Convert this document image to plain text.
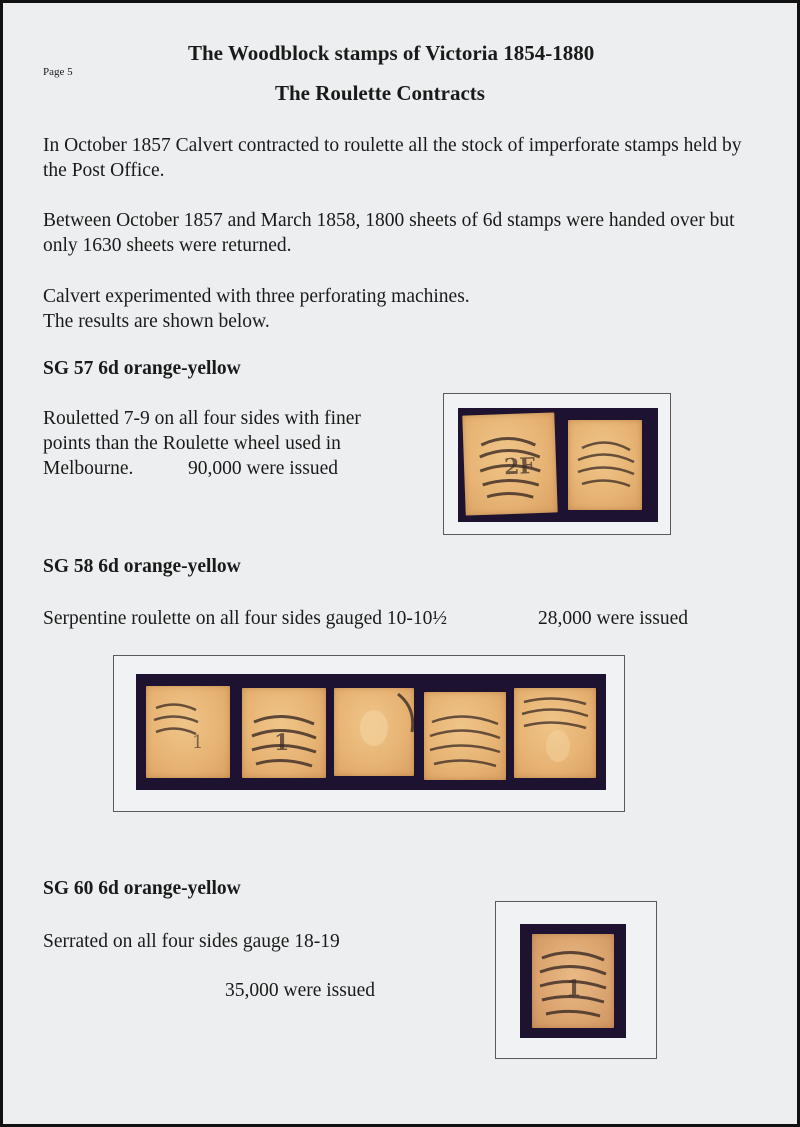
The Woodblock stamps of Victoria 1854-1880
Page 5
The Roulette Contracts
In October 1857 Calvert contracted to roulette all the stock of imperforate stamps held by the Post Office.
Between October 1857 and March 1858, 1800 sheets of 6d stamps were handed over but only 1630 sheets were returned.
Calvert experimented with three perforating machines.
The results are shown below.
SG 57 6d orange-yellow
Rouletted 7-9 on all four sides with finer
points than the Roulette wheel used in
Melbourne.	90,000 were issued	2F
SG 58 6d orange-yellow
Serpentine roulette on all four sides gauged 10-10½	28,000 were issued
1	1
SG 60 6d orange-yellow
Serrated on all four sides gauge 18-19
35,000 were issued	1
